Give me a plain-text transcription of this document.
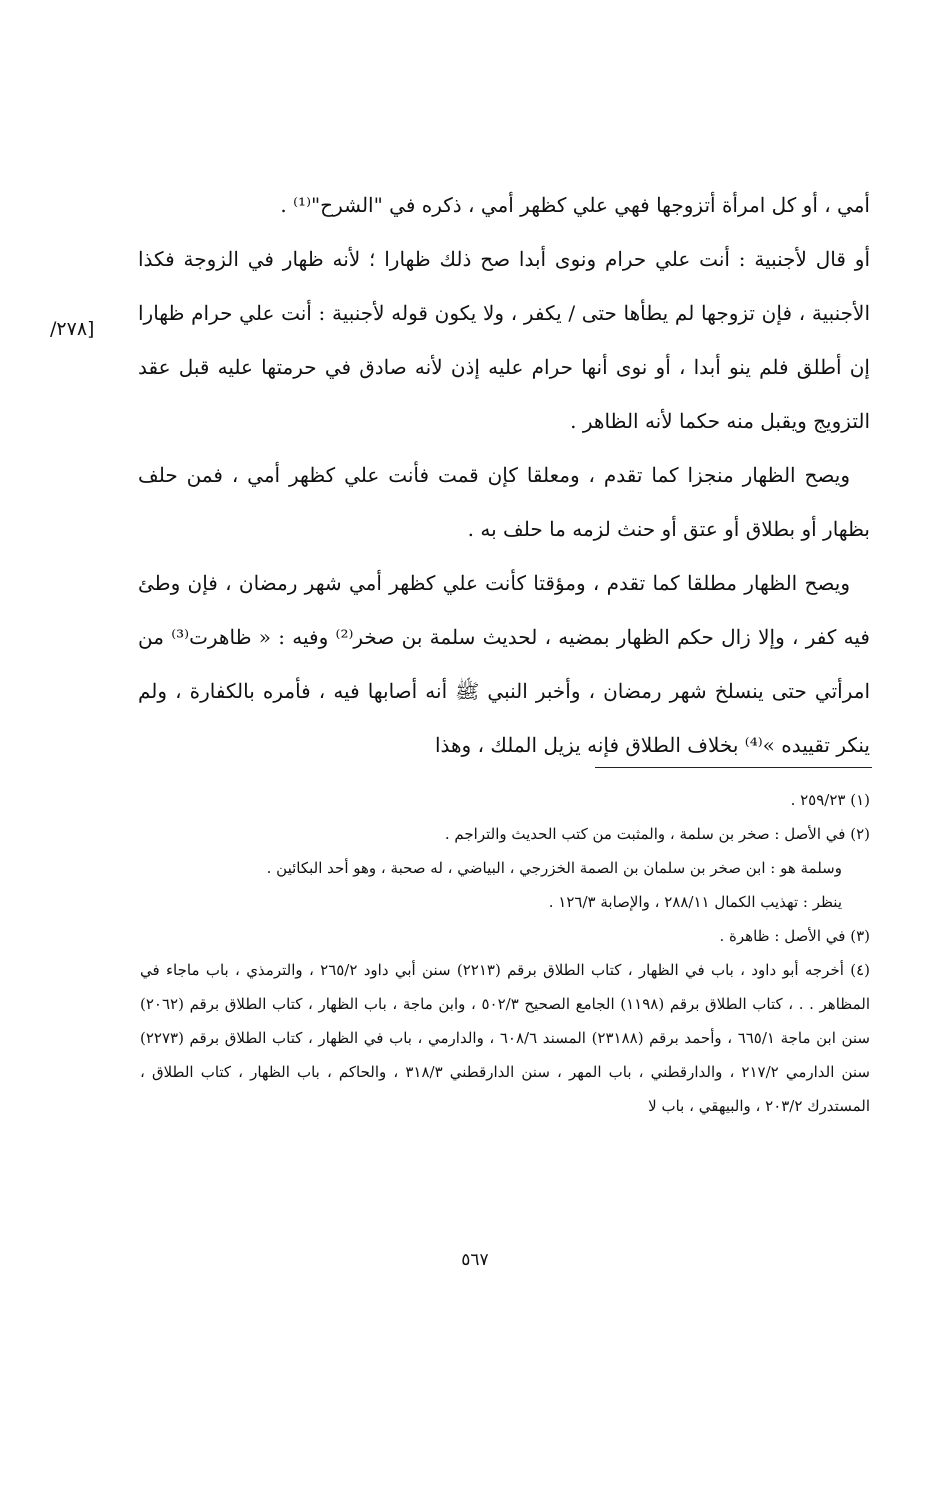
/٢٧٨]

أمي ، أو كل امرأة أتزوجها فهي علي كظهر أمي ، ذكره في "الشرح"⁽¹⁾ .

أو قال لأجنبية : أنت علي حرام ونوى أبدا صح ذلك ظهارا ؛ لأنه ظهار في الزوجة فكذا الأجنبية ، فإن تزوجها لم يطأها حتى / يكفر ، ولا يكون قوله لأجنبية : أنت علي حرام ظهارا إن أطلق فلم ينو أبدا ، أو نوى أنها حرام عليه إذن لأنه صادق في حرمتها عليه قبل عقد التزويج ويقبل منه حكما لأنه الظاهر .

ويصح الظهار منجزا كما تقدم ، ومعلقا كإن قمت فأنت علي كظهر أمي ، فمن حلف بظهار أو بطلاق أو عتق أو حنث لزمه ما حلف به .

ويصح الظهار مطلقا كما تقدم ، ومؤقتا كأنت علي كظهر أمي شهر رمضان ، فإن وطئ فيه كفر ، وإلا زال حكم الظهار بمضيه ، لحديث سلمة بن صخر⁽²⁾ وفيه : « ظاهرت⁽³⁾ من امرأتي حتى ينسلخ شهر رمضان ، وأخبر النبي ﷺ أنه أصابها فيه ، فأمره بالكفارة ، ولم ينكر تقييده »⁽⁴⁾ بخلاف الطلاق فإنه يزيل الملك ، وهذا

(١) ٢٥٩/٢٣ .

(٢) في الأصل : صخر بن سلمة ، والمثبت من كتب الحديث والتراجم .

وسلمة هو : ابن صخر بن سلمان بن الصمة الخزرجي ، البياضي ، له صحبة ، وهو أحد البكائين .

ينظر : تهذيب الكمال ٢٨٨/١١ ، والإصابة ١٢٦/٣ .

(٣) في الأصل : ظاهرة .

(٤) أخرجه أبو داود ، باب في الظهار ، كتاب الطلاق برقم (٢٢١٣) سنن أبي داود ٢٦٥/٢ ، والترمذي ، باب ماجاء في المظاهر . . ، كتاب الطلاق برقم (١١٩٨) الجامع الصحيح ٥٠٢/٣ ، وابن ماجة ، باب الظهار ، كتاب الطلاق برقم (٢٠٦٢) سنن ابن ماجة ٦٦٥/١ ، وأحمد برقم (٢٣١٨٨) المسند ٦٠٨/٦ ، والدارمي ، باب في الظهار ، كتاب الطلاق برقم (٢٢٧٣) سنن الدارمي ٢١٧/٢ ، والدارقطني ، باب المهر ، سنن الدارقطني ٣١٨/٣ ، والحاكم ، باب الظهار ، كتاب الطلاق ، المستدرك ٢٠٣/٢ ، والبيهقي ، باب لا

٥٦٧
